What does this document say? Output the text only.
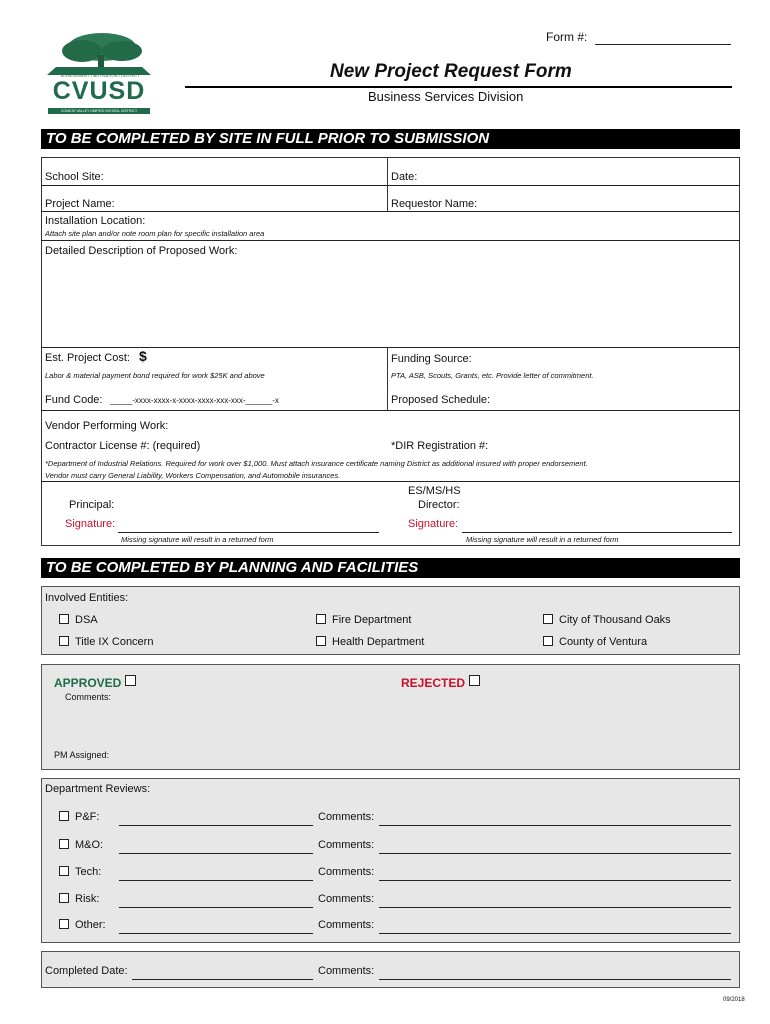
Form #:
ACHIEVEMENT • MOTIVATION • DISTRICT
CVUSD
CONEJO VALLEY UNIFIED SCHOOL DISTRICT
New Project Request Form
Business Services Division
TO BE COMPLETED BY SITE IN FULL PRIOR TO SUBMISSION
School Site:	Date:
Project Name:	Requestor Name:
Installation Location:
Attach site plan and/or note room plan for specific installation area
Detailed Description of Proposed Work:
Est. Project Cost: $
Labor & material payment bond required for work $25K and above
Funding Source:
PTA, ASB, Scouts, Grants, etc. Provide letter of commitment.
Fund Code: _____-xxxx-xxxx-x-xxxx-xxxx-xxx-xxx-______-x	Proposed Schedule:
Vendor Performing Work:
Contractor License #: (required)	*DIR Registration #:
*Department of Industrial Relations. Required for work over $1,000. Must attach insurance certificate naming District as additional insured with proper endorsement.
Vendor must carry General Liability, Workers Compensation, and Automobile insurances.
Principal:
Signature:
Missing signature will result in a returned form
ES/MS/HS
Director:
Signature:
Missing signature will result in a returned form
TO BE COMPLETED BY PLANNING AND FACILITIES
Involved Entities:
DSA	Fire Department	City of Thousand Oaks
Title IX Concern	Health Department	County of Ventura
APPROVED	REJECTED
Comments:
PM Assigned:
Department Reviews:
P&F:	Comments:
M&O:	Comments:
Tech:	Comments:
Risk:	Comments:
Other:	Comments:
Completed Date:	Comments:
09/2018
